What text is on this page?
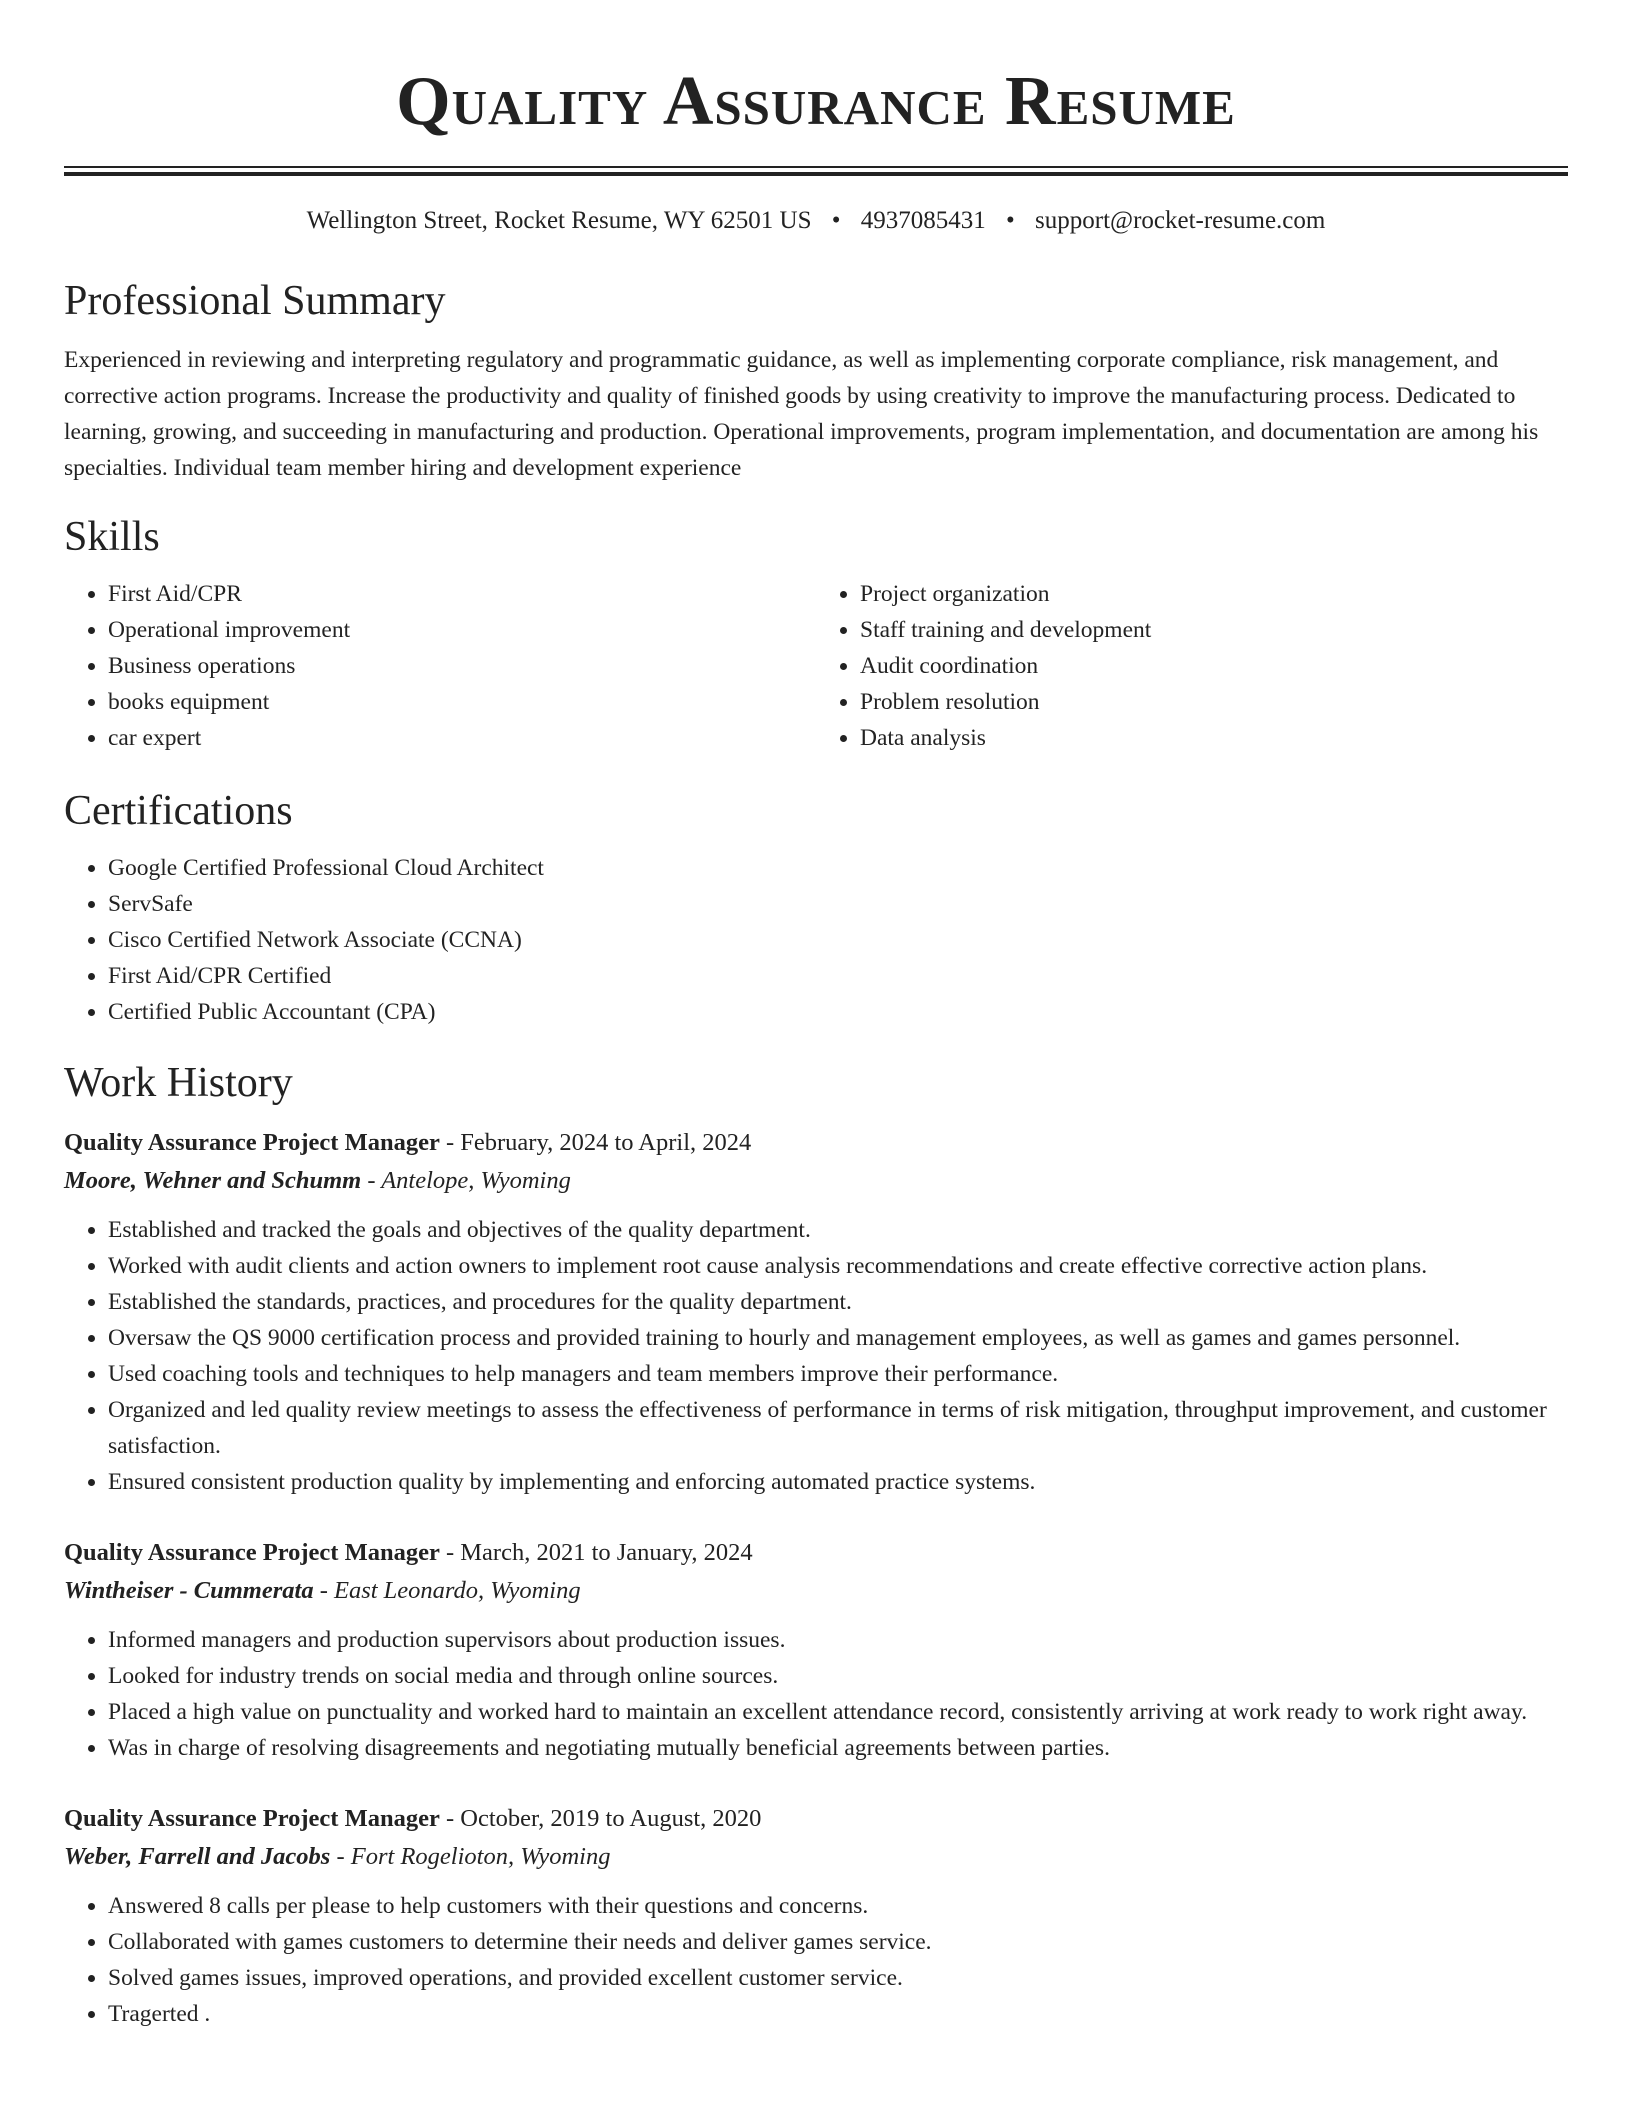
Quality Assurance Resume
Wellington Street, Rocket Resume, WY 62501 US • 4937085431 • support@rocket-resume.com
Professional Summary

Experienced in reviewing and interpreting regulatory and programmatic guidance, as well as implementing corporate compliance, risk management, and corrective action programs. Increase the productivity and quality of finished goods by using creativity to improve the manufacturing process. Dedicated to learning, growing, and succeeding in manufacturing and production. Operational improvements, program implementation, and documentation are among his specialties. Individual team member hiring and development experience

Skills
• First Aid/CPR
• Operational improvement
• Business operations
• books equipment
• car expert
• Project organization
• Staff training and development
• Audit coordination
• Problem resolution
• Data analysis
Certifications
• Google Certified Professional Cloud Architect
• ServSafe
• Cisco Certified Network Associate (CCNA)
• First Aid/CPR Certified
• Certified Public Accountant (CPA)
Work History
Quality Assurance Project Manager - February, 2024 to April, 2024
Moore, Wehner and Schumm - Antelope, Wyoming
• Established and tracked the goals and objectives of the quality department.
• Worked with audit clients and action owners to implement root cause analysis recommendations and create effective corrective action plans.
• Established the standards, practices, and procedures for the quality department.
• Oversaw the QS 9000 certification process and provided training to hourly and management employees, as well as games and games personnel.
• Used coaching tools and techniques to help managers and team members improve their performance.
• Organized and led quality review meetings to assess the effectiveness of performance in terms of risk mitigation, throughput improvement, and customer satisfaction.
• Ensured consistent production quality by implementing and enforcing automated practice systems.
Quality Assurance Project Manager - March, 2021 to January, 2024
Wintheiser - Cummerata - East Leonardo, Wyoming
• Informed managers and production supervisors about production issues.
• Looked for industry trends on social media and through online sources.
• Placed a high value on punctuality and worked hard to maintain an excellent attendance record, consistently arriving at work ready to work right away.
• Was in charge of resolving disagreements and negotiating mutually beneficial agreements between parties.
Quality Assurance Project Manager - October, 2019 to August, 2020
Weber, Farrell and Jacobs - Fort Rogelioton, Wyoming
• Answered 8 calls per please to help customers with their questions and concerns.
• Collaborated with games customers to determine their needs and deliver games service.
• Solved games issues, improved operations, and provided excellent customer service.
• Tragerted .
